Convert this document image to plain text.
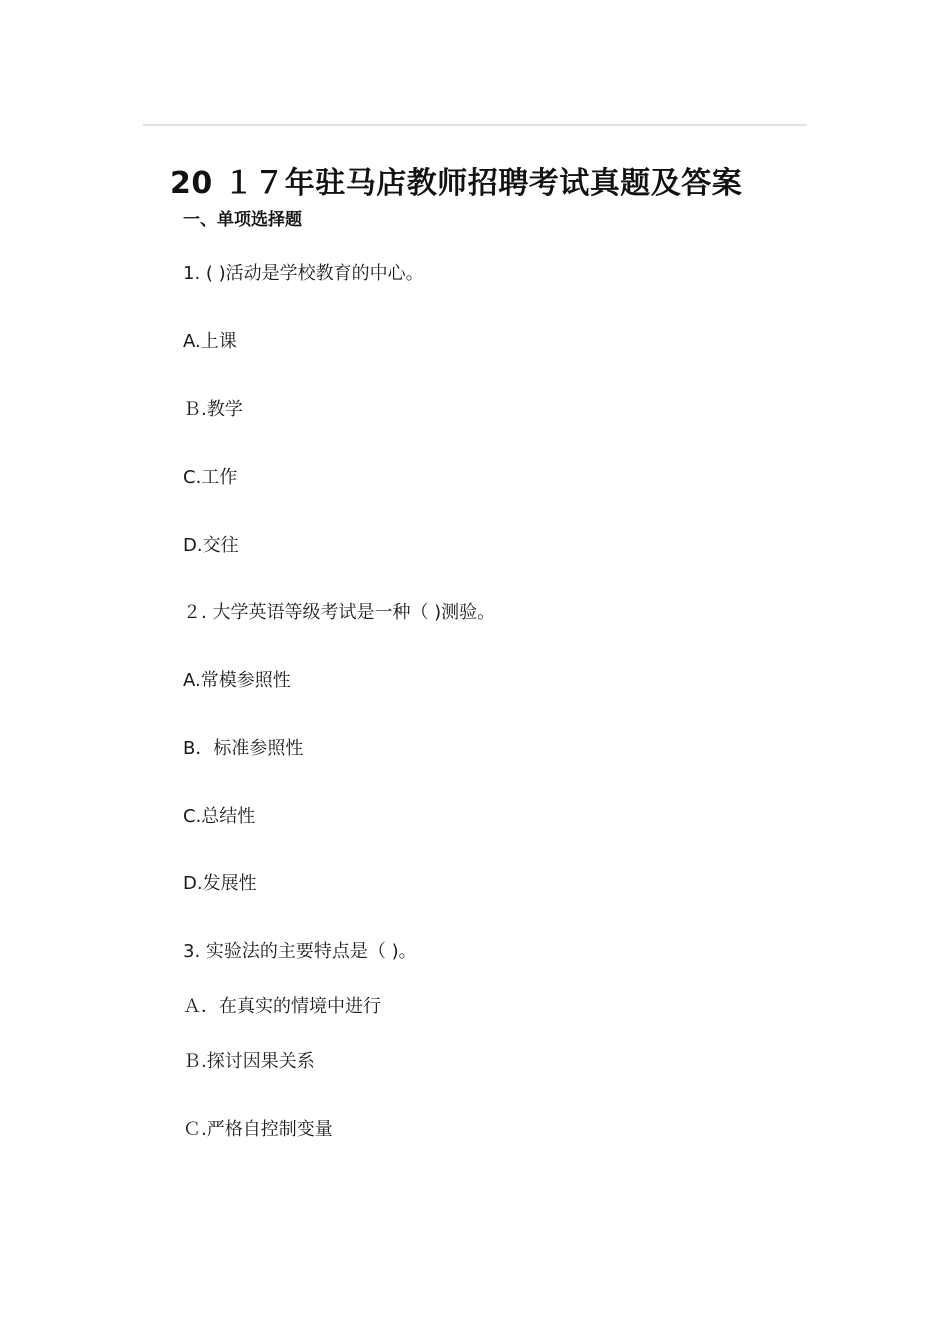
20 １７年驻马店教师招聘考试真题及答案
一、单项选择题
1. ( )活动是学校教育的中心。
A.上课
Ｂ.教学
C.工作
D.交往
２. 大学英语等级考试是一种（ )测验。
A.常模参照性
B．标准参照性
C.总结性
D.发展性
3. 实验法的主要特点是（ )。
Ａ．在真实的情境中进行
Ｂ.探讨因果关系
Ｃ.严格自控制变量
